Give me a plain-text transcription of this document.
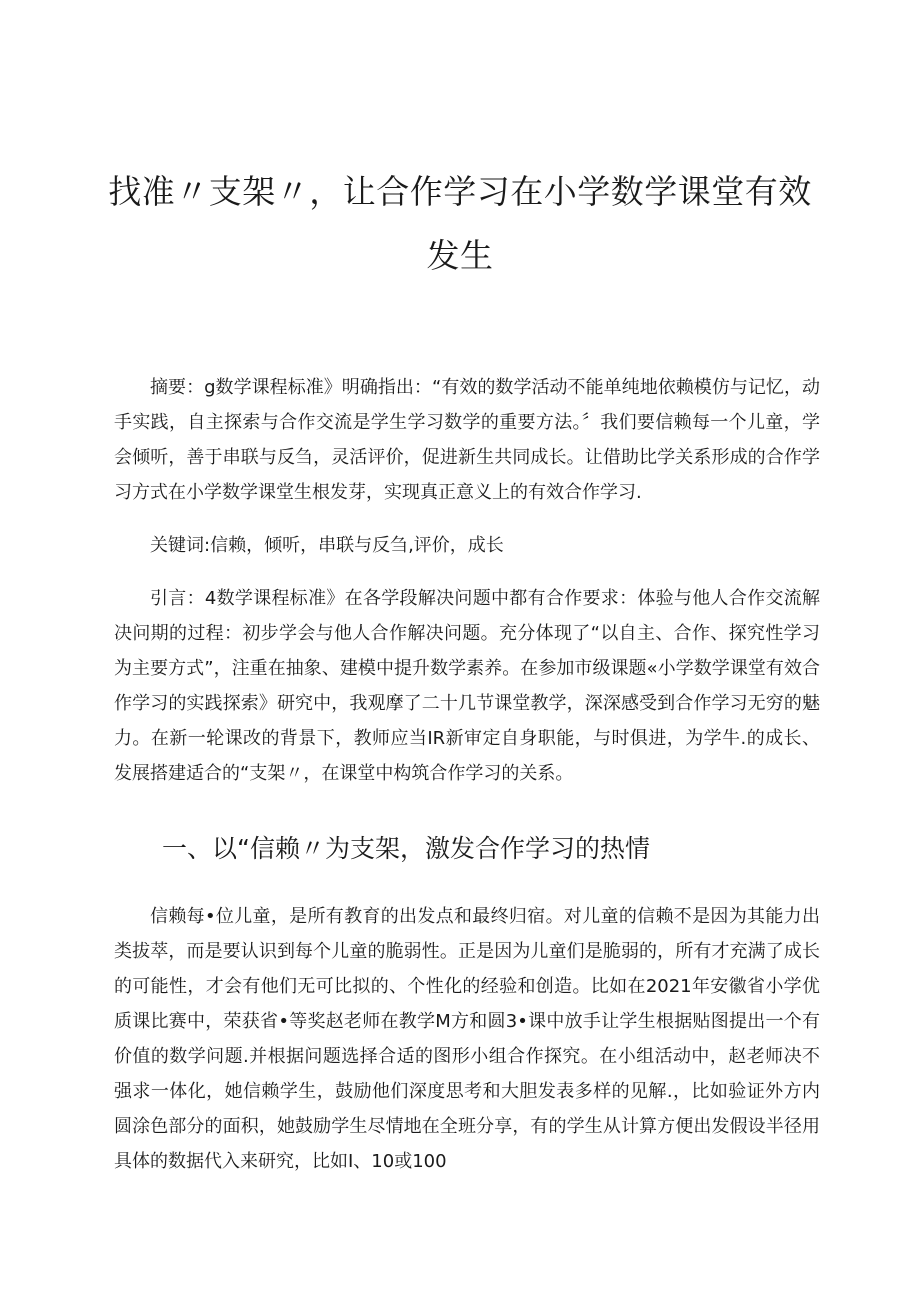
找准〃支架〃，让合作学习在小学数学课堂有效
发生

摘要：g数学课程标准》明确指出：“有效的数学活动不能单纯地依赖模仿与记忆，动手实践，自主探索与合作交流是学生学习数学的重要方法。〞我们要信赖每一个儿童，学会倾听，善于串联与反刍，灵活评价，促进新生共同成长。让借助比学关系形成的合作学习方式在小学数学课堂生根发芽，实现真正意义上的有效合作学习.

关键词:信赖，倾听，串联与反刍,评价，成长

引言：4数学课程标准》在各学段解决问题中都有合作要求：体验与他人合作交流解决问期的过程：初步学会与他人合作解决问题。充分体现了“以自主、合作、探究性学习为主要方式”，注重在抽象、建模中提升数学素养。在参加市级课题«小学数学课堂有效合作学习的实践探索》研究中，我观摩了二十几节课堂教学，深深感受到合作学习无穷的魅力。在新一轮课改的背景下，教师应当IR新审定自身职能，与时俱进，为学牛.的成长、发展搭建适合的“支架〃，在课堂中构筑合作学习的关系。

一、以“信赖〃为支架，激发合作学习的热情

信赖每•位儿童，是所有教育的出发点和最终归宿。对儿童的信赖不是因为其能力出类拔萃，而是要认识到每个儿童的脆弱性。正是因为儿童们是脆弱的，所有才充满了成长的可能性，才会有他们无可比拟的、个性化的经验和创造。比如在2021年安徽省小学优质课比赛中，荣获省•等奖赵老师在教学M方和圆3•课中放手让学生根据贴图提出一个有价值的数学问题.并根据问题选择合适的图形小组合作探究。在小组活动中，赵老师决不强求一体化，她信赖学生，鼓励他们深度思考和大胆发表多样的见解.，比如验证外方内圆涂色部分的面积，她鼓励学生尽情地在全班分享，有的学生从计算方便出发假设半径用具体的数据代入来研究，比如I、10或100
